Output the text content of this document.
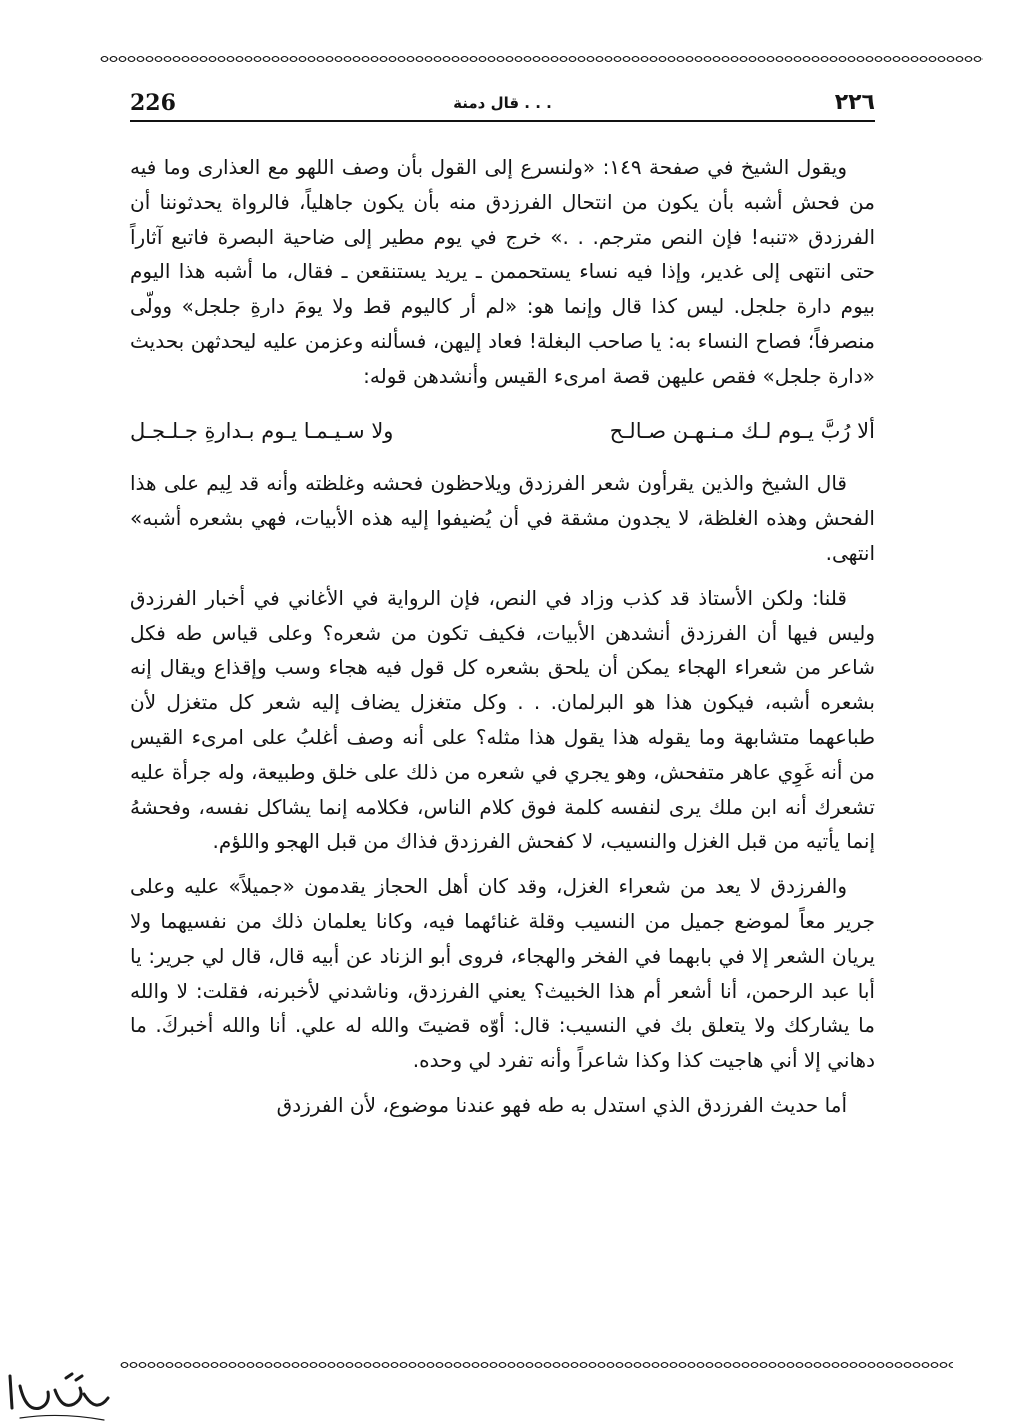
226	قال دمنة . . .	٢٢٦

ويقول الشيخ في صفحة ١٤٩: «ولنسرع إلى القول بأن وصف اللهو مع العذارى وما فيه من فحش أشبه بأن يكون من انتحال الفرزدق منه بأن يكون جاهلياً، فالرواة يحدثوننا أن الفرزدق «تنبه! فإن النص مترجم. . .» خرج في يوم مطير إلى ضاحية البصرة فاتبع آثاراً حتى انتهى إلى غدير، وإذا فيه نساء يستحممن ـ يريد يستنقعن ـ فقال، ما أشبه هذا اليوم بيوم دارة جلجل. ليس كذا قال وإنما هو: «لم أر كاليوم قط ولا يومَ دارةِ جلجل» وولّى منصرفاً؛ فصاح النساء به: يا صاحب البغلة! فعاد إليهن، فسألنه وعزمن عليه ليحدثهن بحديث «دارة جلجل» فقص عليهن قصة امرىء القيس وأنشدهن قوله:

ألا رُبَّ يـوم لـك مـنـهـن صـالـح
ولا سـيـمـا يـوم بـدارةِ جـلـجـل

قال الشيخ والذين يقرأون شعر الفرزدق ويلاحظون فحشه وغلظته وأنه قد لِيم على هذا الفحش وهذه الغلظة، لا يجدون مشقة في أن يُضيفوا إليه هذه الأبيات، فهي بشعره أشبه» انتهى.

قلنا: ولكن الأستاذ قد كذب وزاد في النص، فإن الرواية في الأغاني في أخبار الفرزدق وليس فيها أن الفرزدق أنشدهن الأبيات، فكيف تكون من شعره؟ وعلى قياس طه فكل شاعر من شعراء الهجاء يمكن أن يلحق بشعره كل قول فيه هجاء وسب وإقذاع ويقال إنه بشعره أشبه، فيكون هذا هو البرلمان. . . وكل متغزل يضاف إليه شعر كل متغزل لأن طباعهما متشابهة وما يقوله هذا يقول هذا مثله؟ على أنه وصف أغلبُ على امرىء القيس من أنه غَوِي عاهر متفحش، وهو يجري في شعره من ذلك على خلق وطبيعة، وله جرأة عليه تشعرك أنه ابن ملك يرى لنفسه كلمة فوق كلام الناس، فكلامه إنما يشاكل نفسه، وفحشهُ إنما يأتيه من قبل الغزل والنسيب، لا كفحش الفرزدق فذاك من قبل الهجو واللؤم.

والفرزدق لا يعد من شعراء الغزل، وقد كان أهل الحجاز يقدمون «جميلاً» عليه وعلى جرير معاً لموضع جميل من النسيب وقلة غنائهما فيه، وكانا يعلمان ذلك من نفسيهما ولا يريان الشعر إلا في بابهما في الفخر والهجاء، فروى أبو الزناد عن أبيه قال، قال لي جرير: يا أبا عبد الرحمن، أنا أشعر أم هذا الخبيث؟ يعني الفرزدق، وناشدني لأخبرنه، فقلت: لا والله ما يشاركك ولا يتعلق بك في النسيب: قال: أوّه قضيتَ والله له علي. أنا والله أخبركَ. ما دهاني إلا أني هاجيت كذا وكذا شاعراً وأنه تفرد لي وحده.

أما حديث الفرزدق الذي استدل به طه فهو عندنا موضوع، لأن الفرزدق
